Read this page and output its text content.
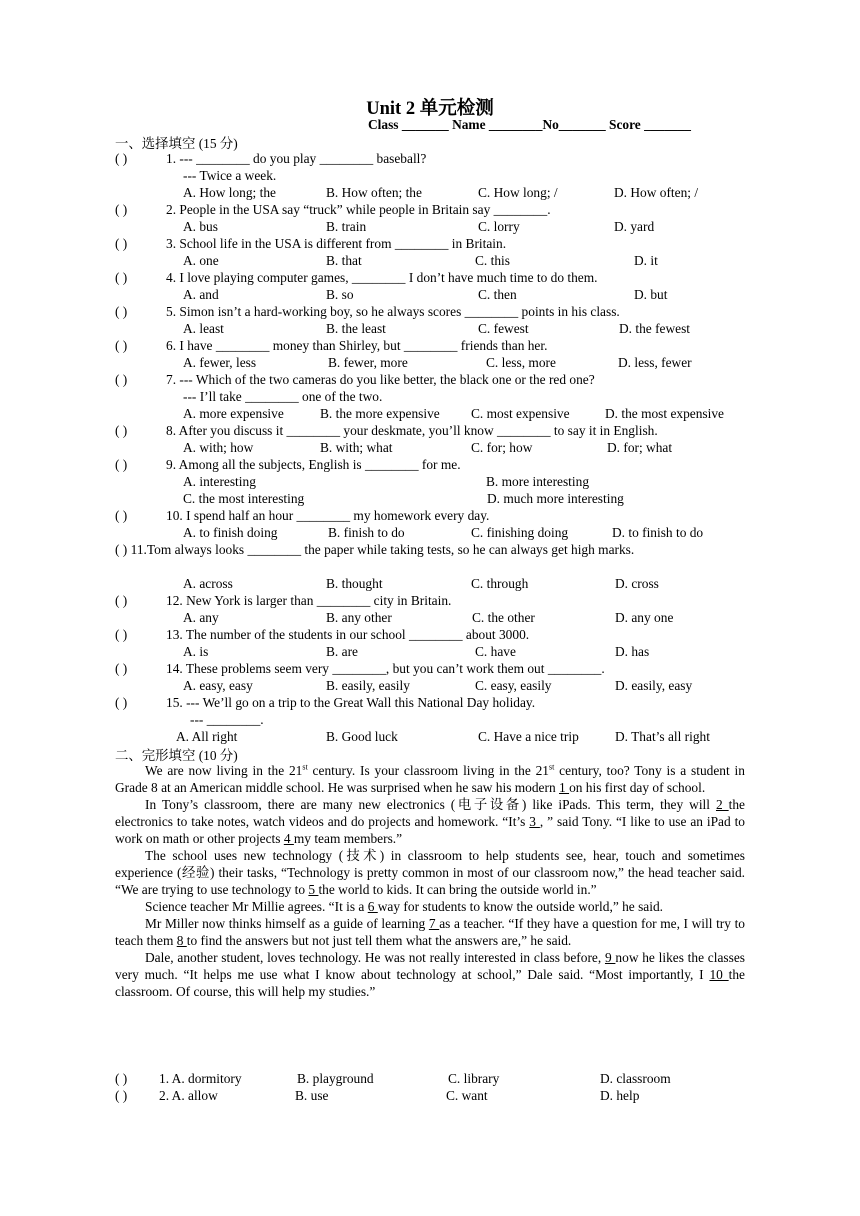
Unit 2 单元检测
Class _______ Name ________No_______ Score _______
一、选择填空 (15 分)
( )	1. --- ________ do you play ________ baseball?
--- Twice a week.
A. How long; the	B. How often; the	C. How long; /	D. How often; /
( )	2. People in the USA say “truck” while people in Britain say ________.
A. bus	B. train	C. lorry	D. yard
( )	3. School life in the USA is different from ________ in Britain.
A. one	B. that	C. this	D. it
( )	4. I love playing computer games, ________ I don’t have much time to do them.
A. and	B. so	C. then	D. but
( )	5. Simon isn’t a hard-working boy, so he always scores ________ points in his class.
A. least	B. the least	C. fewest	D. the fewest
( )	6. I have ________ money than Shirley, but ________ friends than her.
A. fewer, less	B. fewer, more	C. less, more	D. less, fewer
( )	7. --- Which of the two cameras do you like better, the black one or the red one?
--- I’ll take ________ one of the two.
A. more expensive	B. the more expensive C. most expensive	D. the most expensive
( )	8. After you discuss it ________ your deskmate, you’ll know ________ to say it in English.
A. with; how	B. with; what	C. for; how	D. for; what
( )	9. Among all the subjects, English is ________ for me.
A. interesting	B. more interesting
C. the most interesting	D. much more interesting
( )	10. I spend half an hour ________ my homework every day.
A. to finish doing	B. finish to do	C. finishing doing	D. to finish to do
( ) 11.Tom always looks ________ the paper while taking tests, so he can always get high marks.
A. across	B. thought	C. through	D. cross
( )	12. New York is larger than ________ city in Britain.
A. any	B. any other	C. the other	D. any one
( )	13. The number of the students in our school ________ about 3000.
A. is	B. are	C. have	D. has
( )	14. These problems seem very ________, but you can’t work them out ________.
A. easy, easy	B. easily, easily	C. easy, easily	D. easily, easy
( )	15. --- We’ll go on a trip to the Great Wall this National Day holiday.
--- ________.
A. All right	B. Good luck	C. Have a nice trip	D. That’s all right
二、完形填空 (10 分)

We are now living in the 21st century. Is your classroom living in the 21st century, too? Tony is a student in Grade 8 at an American middle school. He was surprised when he saw his modern 1 on his first day of school.

In Tony’s classroom, there are many new electronics (电子设备) like iPads. This term, they will 2 the electronics to take notes, watch videos and do projects and homework. “It’s 3 , ” said Tony. “I like to use an iPad to work on math or other projects 4 my team members.”

The school uses new technology (技术) in classroom to help students see, hear, touch and sometimes experience (经验) their tasks, “Technology is pretty common in most of our classroom now,” the head teacher said. “We are trying to use technology to 5 the world to kids. It can bring the outside world in.”

Science teacher Mr Millie agrees. “It is a 6 way for students to know the outside world,” he said.

Mr Miller now thinks himself as a guide of learning 7 as a teacher. “If they have a question for me, I will try to teach them 8 to find the answers but not just tell them what the answers are,” he said.

Dale, another student, loves technology. He was not really interested in class before, 9 now he likes the classes very much. “It helps me use what I know about technology at school,” Dale said. “Most importantly, I 10 the classroom. Of course, this will help my studies.”

( ) 1. A. dormitory	B. playground	C. library	D. classroom
( ) 2. A. allow	B. use	C. want	D. help
